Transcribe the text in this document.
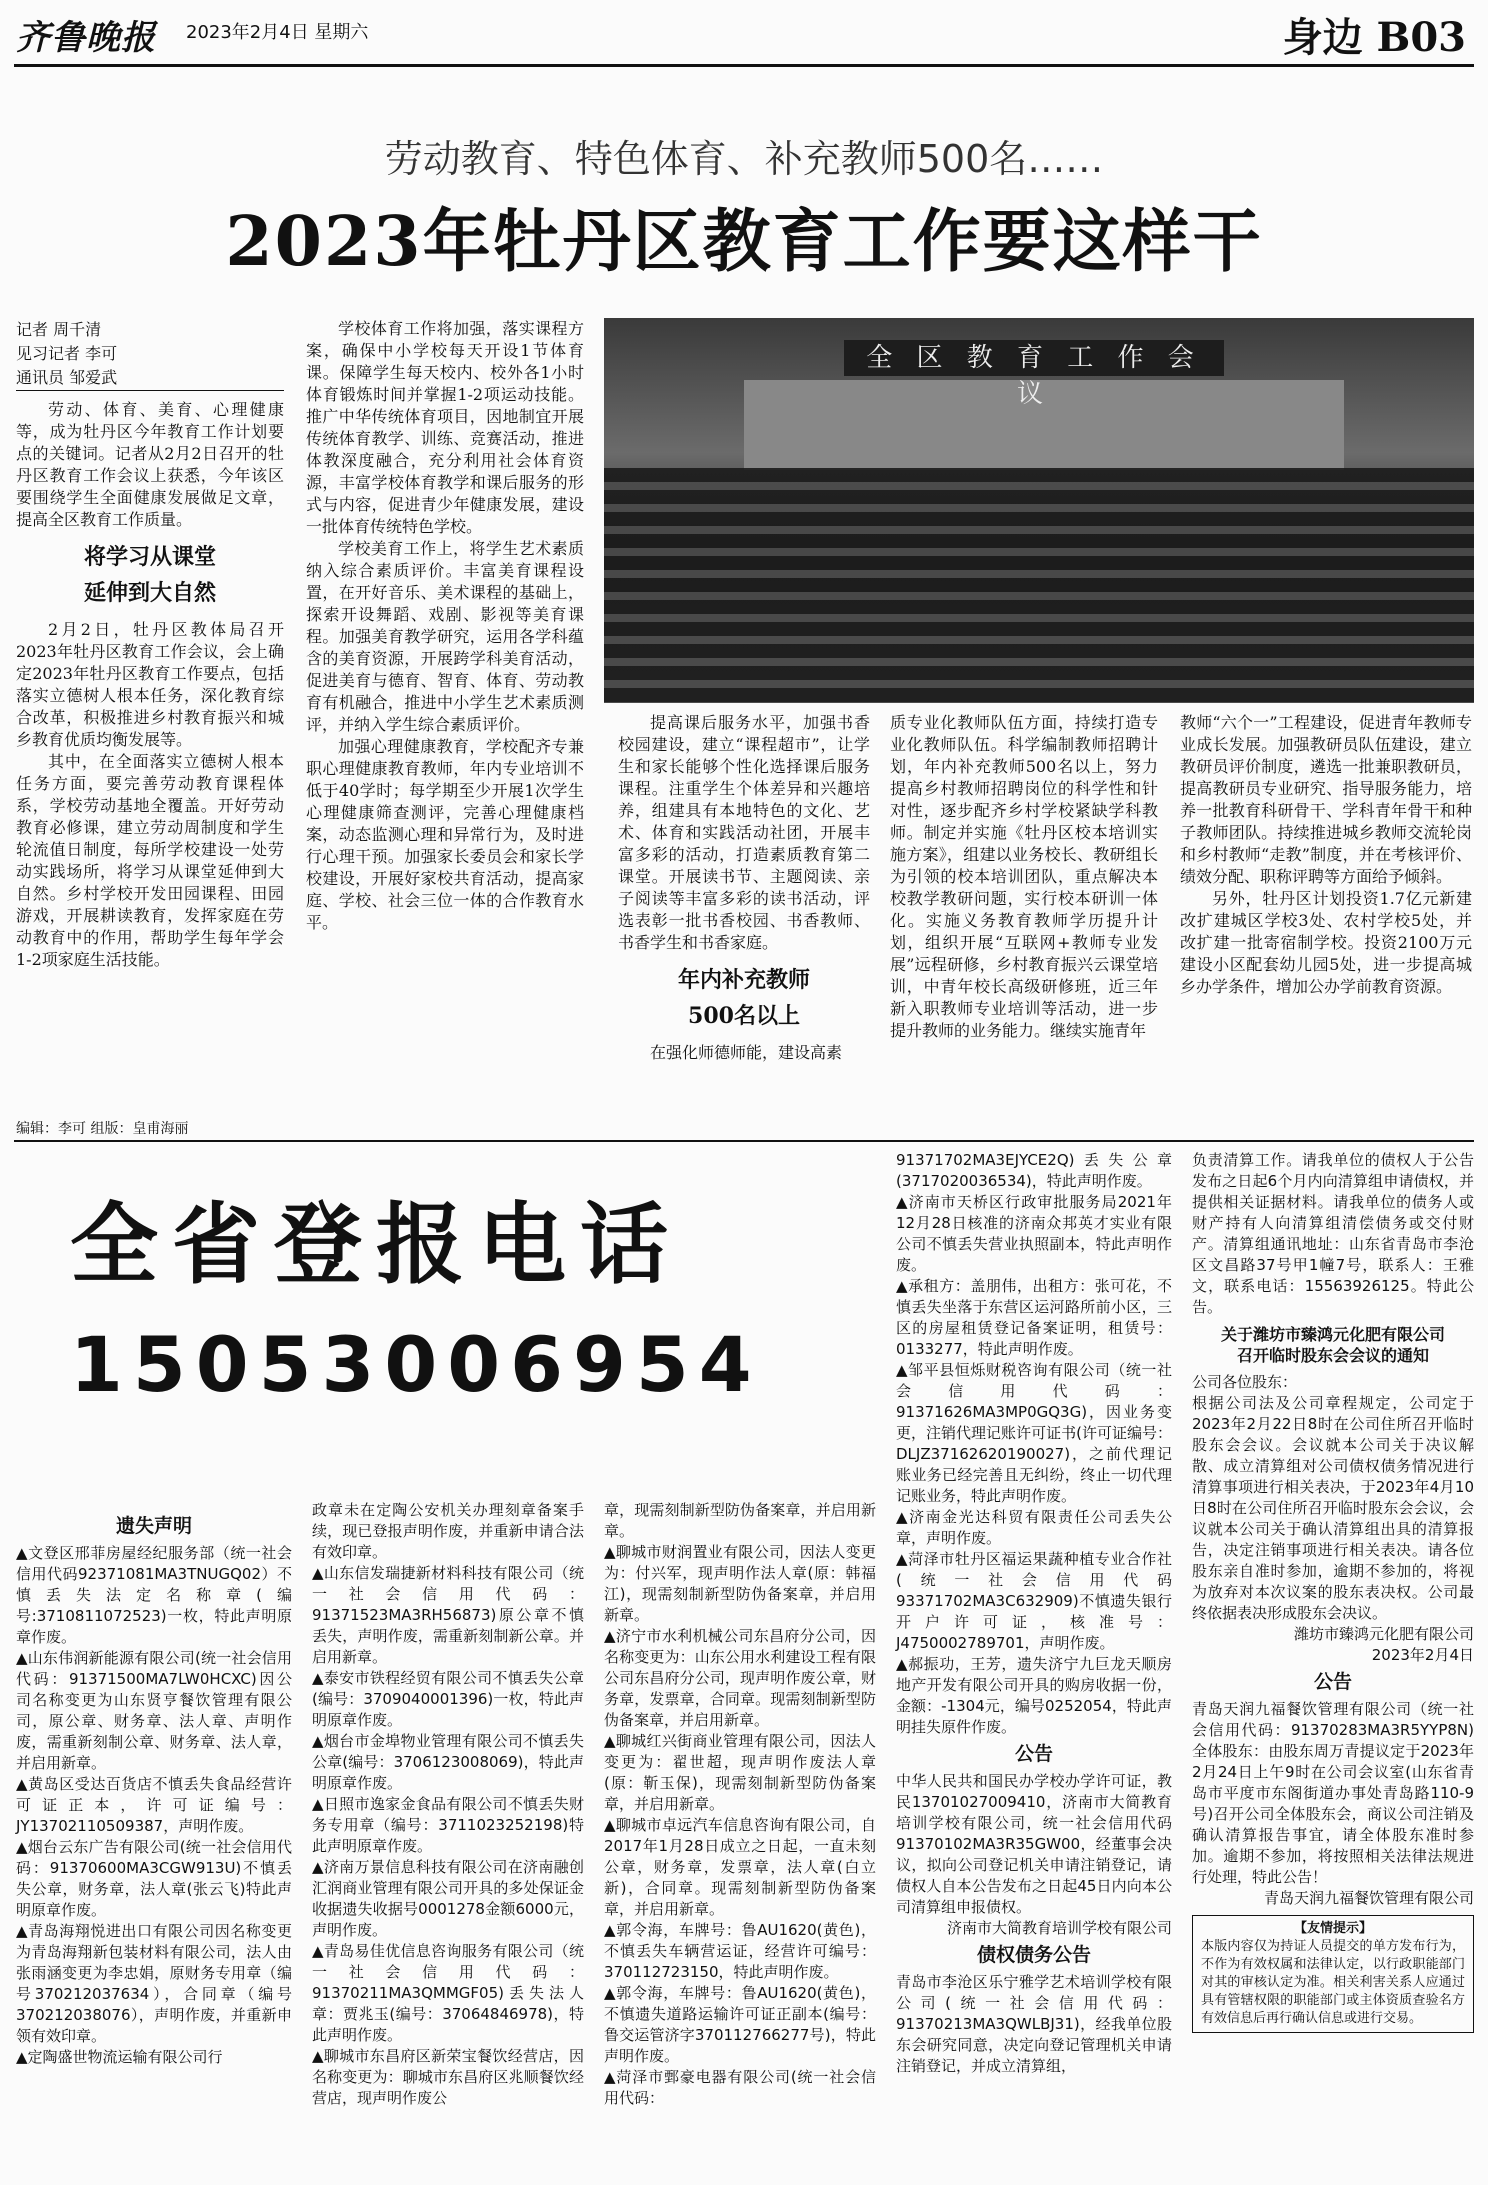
齐鲁晚报 2023年2月4日 星期六	身边 B03
劳动教育、特色体育、补充教师500名……
2023年牡丹区教育工作要这样干
记者 周千清
见习记者 李可
通讯员 邹爱武

劳动、体育、美育、心理健康等，成为牡丹区今年教育工作计划要点的关键词。记者从2月2日召开的牡丹区教育工作会议上获悉，今年该区要围绕学生全面健康发展做足文章，提高全区教育工作质量。

将学习从课堂
延伸到大自然

2月2日，牡丹区教体局召开2023年牡丹区教育工作会议，会上确定2023年牡丹区教育工作要点，包括落实立德树人根本任务，深化教育综合改革，积极推进乡村教育振兴和城乡教育优质均衡发展等。

其中，在全面落实立德树人根本任务方面，要完善劳动教育课程体系，学校劳动基地全覆盖。开好劳动教育必修课，建立劳动周制度和学生轮流值日制度，每所学校建设一处劳动实践场所，将学习从课堂延伸到大自然。乡村学校开发田园课程、田园游戏，开展耕读教育，发挥家庭在劳动教育中的作用，帮助学生每年学会1-2项家庭生活技能。

学校体育工作将加强，落实课程方案，确保中小学校每天开设1节体育课。保障学生每天校内、校外各1小时体育锻炼时间并掌握1-2项运动技能。推广中华传统体育项目，因地制宜开展传统体育教学、训练、竞赛活动，推进体教深度融合，充分利用社会体育资源，丰富学校体育教学和课后服务的形式与内容，促进青少年健康发展，建设一批体育传统特色学校。

学校美育工作上，将学生艺术素质纳入综合素质评价。丰富美育课程设置，在开好音乐、美术课程的基础上，探索开设舞蹈、戏剧、影视等美育课程。加强美育教学研究，运用各学科蕴含的美育资源，开展跨学科美育活动，促进美育与德育、智育、体育、劳动教育有机融合，推进中小学生艺术素质测评，并纳入学生综合素质评价。

加强心理健康教育，学校配齐专兼职心理健康教育教师，年内专业培训不低于40学时；每学期至少开展1次学生心理健康筛查测评，完善心理健康档案，动态监测心理和异常行为，及时进行心理干预。加强家长委员会和家长学校建设，开展好家校共育活动，提高家庭、学校、社会三位一体的合作教育水平。

全 区 教 育 工 作 会 议

提高课后服务水平，加强书香校园建设，建立“课程超市”，让学生和家长能够个性化选择课后服务课程。注重学生个体差异和兴趣培养，组建具有本地特色的文化、艺术、体育和实践活动社团，开展丰富多彩的活动，打造素质教育第二课堂。开展读书节、主题阅读、亲子阅读等丰富多彩的读书活动，评选表彰一批书香校园、书香教师、书香学生和书香家庭。

年内补充教师
500名以上

在强化师德师能，建设高素

质专业化教师队伍方面，持续打造专业化教师队伍。科学编制教师招聘计划，年内补充教师500名以上，努力提高乡村教师招聘岗位的科学性和针对性，逐步配齐乡村学校紧缺学科教师。制定并实施《牡丹区校本培训实施方案》，组建以业务校长、教研组长为引领的校本培训团队，重点解决本校教学教研问题，实行校本研训一体化。实施义务教育教师学历提升计划，组织开展“互联网+教师专业发展”远程研修，乡村教育振兴云课堂培训，中青年校长高级研修班，近三年新入职教师专业培训等活动，进一步提升教师的业务能力。继续实施青年

教师“六个一”工程建设，促进青年教师专业成长发展。加强教研员队伍建设，建立教研员评价制度，遴选一批兼职教研员，提高教研员专业研究、指导服务能力，培养一批教育科研骨干、学科青年骨干和种子教师团队。持续推进城乡教师交流轮岗和乡村教师“走教”制度，并在考核评价、绩效分配、职称评聘等方面给予倾斜。

另外，牡丹区计划投资1.7亿元新建改扩建城区学校3处、农村学校5处，并改扩建一批寄宿制学校。投资2100万元建设小区配套幼儿园5处，进一步提高城乡办学条件，增加公办学前教育资源。

编辑：李可 组版：皇甫海丽
全省登报电话
15053006954
遗失声明

▲文登区邢菲房屋经纪服务部（统一社会信用代码92371081MA3TNUGQ02）不慎丢失法定名称章(编号:3710811072523)一枚，特此声明原章作废。

▲山东伟润新能源有限公司(统一社会信用代码：91371500MA7LW0HCXC)因公司名称变更为山东贤亨餐饮管理有限公司，原公章、财务章、法人章、声明作废，需重新刻制公章、财务章、法人章，并启用新章。

▲黄岛区受达百货店不慎丢失食品经营许可证正本，许可证编号：JY13702110509387，声明作废。

▲烟台云东广告有限公司(统一社会信用代码：91370600MA3CGW913U)不慎丢失公章，财务章，法人章(张云飞)特此声明原章作废。

▲青岛海翔悦进出口有限公司因名称变更为青岛海翔新包装材料有限公司，法人由张雨涵变更为李忠娟，原财务专用章（编号370212037634），合同章（编号370212038076），声明作废，并重新申领有效印章。

▲定陶盛世物流运输有限公司行

政章未在定陶公安机关办理刻章备案手续，现已登报声明作废，并重新申请合法有效印章。

▲山东信发瑞捷新材料科技有限公司（统一社会信用代码：91371523MA3RH56873)原公章不慎丢失，声明作废，需重新刻制新公章。并启用新章。

▲泰安市铁程经贸有限公司不慎丢失公章(编号：3709040001396)一枚，特此声明原章作废。

▲烟台市金埠物业管理有限公司不慎丢失公章(编号：3706123008069)，特此声明原章作废。

▲日照市逸家金食品有限公司不慎丢失财务专用章（编号：3711023252198)特此声明原章作废。

▲济南万景信息科技有限公司在济南融创汇润商业管理有限公司开具的多处保证金收据遗失收据号0001278金额6000元，声明作废。

▲青岛易佳优信息咨询服务有限公司（统一社会信用代码：91370211MA3QMMGF05)丢失法人章：贾兆玉(编号：37064846978)，特此声明作废。

▲聊城市东昌府区新荣宝餐饮经营店，因名称变更为：聊城市东昌府区兆顺餐饮经营店，现声明作废公

章，现需刻制新型防伪备案章，并启用新章。

▲聊城市财润置业有限公司，因法人变更为：付兴军，现声明作法人章(原：韩福江)，现需刻制新型防伪备案章，并启用新章。

▲济宁市水利机械公司东昌府分公司，因名称变更为：山东公用水利建设工程有限公司东昌府分公司，现声明作废公章，财务章，发票章，合同章。现需刻制新型防伪备案章，并启用新章。

▲聊城红兴街商业管理有限公司，因法人变更为：翟世超，现声明作废法人章(原：靳玉保)，现需刻制新型防伪备案章，并启用新章。

▲聊城市卓远汽车信息咨询有限公司，自2017年1月28日成立之日起，一直未刻公章，财务章，发票章，法人章(白立新)，合同章。现需刻制新型防伪备案章，并启用新章。

▲郭令海，车牌号：鲁AU1620(黄色)，不慎丢失车辆营运证，经营许可编号：370112723150，特此声明作废。

▲郭令海，车牌号：鲁AU1620(黄色)，不慎遗失道路运输许可证正副本(编号：鲁交运管济字370112766277号)，特此声明作废。

▲菏泽市鄄豪电器有限公司(统一社会信用代码：

91371702MA3EJYCE2Q)丢失公章(3717020036534)，特此声明作废。

▲济南市天桥区行政审批服务局2021年12月28日核准的济南众邦英才实业有限公司不慎丢失营业执照副本，特此声明作废。

▲承租方：盖朋伟，出租方：张可花，不慎丢失坐落于东营区运河路所前小区，三区的房屋租赁登记备案证明，租赁号：0133277，特此声明作废。

▲邹平县恒烁财税咨询有限公司（统一社会信用代码：91371626MA3MP0GQ3G)，因业务变更，注销代理记账许可证书(许可证编号：DLJZ37162620190027)，之前代理记账业务已经完善且无纠纷，终止一切代理记账业务，特此声明作废。

▲济南金光达科贸有限责任公司丢失公章，声明作废。

▲菏泽市牡丹区福运果蔬种植专业合作社(统一社会信用代码93371702MA3C632909)不慎遗失银行开户许可证，核准号：J4750002789701，声明作废。

▲郝振功，王芳，遗失济宁九巨龙天顺房地产开发有限公司开具的购房收据一份，金额：-1304元，编号0252054，特此声明挂失原件作废。

公告

中华人民共和国民办学校办学许可证，教民13701027009410，济南市大简教育培训学校有限公司，统一社会信用代码91370102MA3R35GW00，经董事会决议，拟向公司登记机关申请注销登记，请债权人自本公告发布之日起45日内向本公司清算组申报债权。

济南市大简教育培训学校有限公司

债权债务公告

青岛市李沧区乐宁雅学艺术培训学校有限公司(统一社会信用代码：91370213MA3QWLBJ31)，经我单位股东会研究同意，决定向登记管理机关申请注销登记，并成立清算组，

负责清算工作。请我单位的债权人于公告发布之日起6个月内向清算组申请债权，并提供相关证据材料。请我单位的债务人或财产持有人向清算组清偿债务或交付财产。清算组通讯地址：山东省青岛市李沧区文昌路37号甲1幢7号，联系人：王雅文，联系电话：15563926125。特此公告。

关于潍坊市臻鸿元化肥有限公司
召开临时股东会会议的通知

公司各位股东：

根据公司法及公司章程规定，公司定于2023年2月22日8时在公司住所召开临时股东会会议。会议就本公司关于决议解散、成立清算组对公司债权债务情况进行清算事项进行相关表决，于2023年4月10日8时在公司住所召开临时股东会会议，会议就本公司关于确认清算组出具的清算报告，决定注销事项进行相关表决。请各位股东亲自准时参加，逾期不参加的，将视为放弃对本次议案的股东表决权。公司最终依据表决形成股东会决议。

潍坊市臻鸿元化肥有限公司

2023年2月4日

公告

青岛天润九福餐饮管理有限公司（统一社会信用代码：91370283MA3R5YYP8N)全体股东：由股东周万青提议定于2023年2月24日上午9时在公司会议室(山东省青岛市平度市东阁街道办事处青岛路110-9号)召开公司全体股东会，商议公司注销及确认清算报告事宜，请全体股东准时参加。逾期不参加，将按照相关法律法规进行处理，特此公告！

青岛天润九福餐饮管理有限公司

【友情提示】
本版内容仅为持证人员提交的单方发布行为，不作为有效权属和法律认定，以行政职能部门对其的审核认定为准。相关利害关系人应通过具有管辖权限的职能部门或主体资质查验名方有效信息后再行确认信息或进行交易。
